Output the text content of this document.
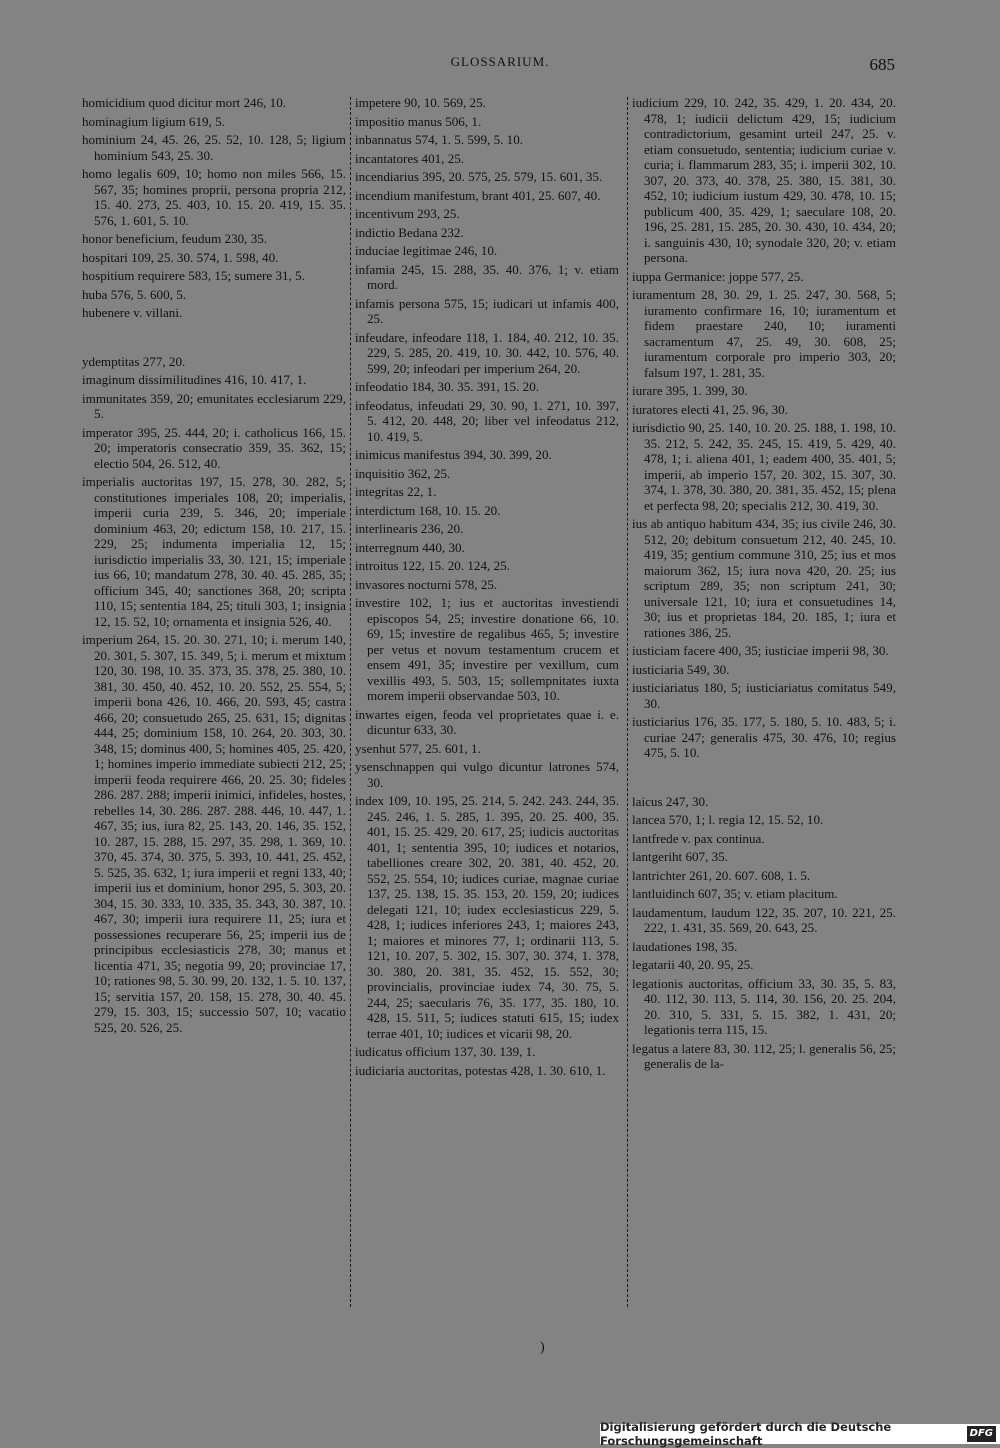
GLOSSARIUM.	685
homicidium quod dicitur mort 246, 10.
hominagium ligium 619, 5.
hominium 24, 45. 26, 25. 52, 10. 128, 5; ligium hominium 543, 25. 30.
homo legalis 609, 10; homo non miles 566, 15. 567, 35; homines proprii, persona propria 212, 15. 40. 273, 25. 403, 10. 15. 20. 419, 15. 35. 576, 1. 601, 5. 10.
honor beneficium, feudum 230, 35.
hospitari 109, 25. 30. 574, 1. 598, 40.
hospitium requirere 583, 15; sumere 31, 5.
huba 576, 5. 600, 5.
hubenere v. villani.
ydemptitas 277, 20.
imaginum dissimilitudines 416, 10. 417, 1.
immunitates 359, 20; emunitates ecclesiarum 229, 5.
imperator 395, 25. 444, 20; i. catholicus 166, 15. 20; imperatoris consecratio 359, 35. 362, 15; electio 504, 26. 512, 40.
imperialis auctoritas 197, 15. 278, 30. 282, 5; constitutiones imperiales 108, 20; imperialis, imperii curia 239, 5. 346, 20; imperiale dominium 463, 20; edictum 158, 10. 217, 15. 229, 25; indumenta imperialia 12, 15; iurisdictio imperialis 33, 30. 121, 15; imperiale ius 66, 10; mandatum 278, 30. 40. 45. 285, 35; officium 345, 40; sanctiones 368, 20; scripta 110, 15; sententia 184, 25; tituli 303, 1; insignia 12, 15. 52, 10; ornamenta et insignia 526, 40.
imperium 264, 15. 20. 30. 271, 10; i. merum 140, 20. 301, 5. 307, 15. 349, 5; i. merum et mixtum 120, 30. 198, 10. 35. 373, 35. 378, 25. 380, 10. 381, 30. 450, 40. 452, 10. 20. 552, 25. 554, 5; imperii bona 426, 10. 466, 20. 593, 45; castra 466, 20; consuetudo 265, 25. 631, 15; dignitas 444, 25; dominium 158, 10. 264, 20. 303, 30. 348, 15; dominus 400, 5; homines 405, 25. 420, 1; homines imperio immediate subiecti 212, 25; imperii feoda requirere 466, 20. 25. 30; fideles 286. 287. 288; imperii inimici, infideles, hostes, rebelles 14, 30. 286. 287. 288. 446, 10. 447, 1. 467, 35; ius, iura 82, 25. 143, 20. 146, 35. 152, 10. 287, 15. 288, 15. 297, 35. 298, 1. 369, 10. 370, 45. 374, 30. 375, 5. 393, 10. 441, 25. 452, 5. 525, 35. 632, 1; iura imperii et regni 133, 40; imperii ius et dominium, honor 295, 5. 303, 20. 304, 15. 30. 333, 10. 335, 35. 343, 30. 387, 10. 467, 30; imperii iura requirere 11, 25; iura et possessiones recuperare 56, 25; imperii ius de principibus ecclesiasticis 278, 30; manus et licentia 471, 35; negotia 99, 20; provinciae 17, 10; rationes 98, 5. 30. 99, 20. 132, 1. 5. 10. 137, 15; servitia 157, 20. 158, 15. 278, 30. 40. 45. 279, 15. 303, 15; successio 507, 10; vacatio 525, 20. 526, 25.
impetere 90, 10. 569, 25.
impositio manus 506, 1.
inbannatus 574, 1. 5. 599, 5. 10.
incantatores 401, 25.
incendiarius 395, 20. 575, 25. 579, 15. 601, 35.
incendium manifestum, brant 401, 25. 607, 40.
incentivum 293, 25.
indictio Bedana 232.
induciae legitimae 246, 10.
infamia 245, 15. 288, 35. 40. 376, 1; v. etiam mord.
infamis persona 575, 15; iudicari ut infamis 400, 25.
infeudare, infeodare 118, 1. 184, 40. 212, 10. 35. 229, 5. 285, 20. 419, 10. 30. 442, 10. 576, 40. 599, 20; infeodari per imperium 264, 20.
infeodatio 184, 30. 35. 391, 15. 20.
infeodatus, infeudati 29, 30. 90, 1. 271, 10. 397, 5. 412, 20. 448, 20; liber vel infeodatus 212, 10. 419, 5.
inimicus manifestus 394, 30. 399, 20.
inquisitio 362, 25.
integritas 22, 1.
interdictum 168, 10. 15. 20.
interlinearis 236, 20.
interregnum 440, 30.
introitus 122, 15. 20. 124, 25.
invasores nocturni 578, 25.
investire 102, 1; ius et auctoritas investiendi episcopos 54, 25; investire donatione 66, 10. 69, 15; investire de regalibus 465, 5; investire per vetus et novum testamentum crucem et ensem 491, 35; investire per vexillum, cum vexillis 493, 5. 503, 15; sollempnitates iuxta morem imperii observandae 503, 10.
inwartes eigen, feoda vel proprietates quae i. e. dicuntur 633, 30.
ysenhut 577, 25. 601, 1.
ysenschnappen qui vulgo dicuntur latrones 574, 30.
index 109, 10. 195, 25. 214, 5. 242. 243. 244, 35. 245. 246, 1. 5. 285, 1. 395, 20. 25. 400, 35. 401, 15. 25. 429, 20. 617, 25; iudicis auctoritas 401, 1; sententia 395, 10; iudices et notarios, tabelliones creare 302, 20. 381, 40. 452, 20. 552, 25. 554, 10; iudices curiae, magnae curiae 137, 25. 138, 15. 35. 153, 20. 159, 20; iudices delegati 121, 10; iudex ecclesiasticus 229, 5. 428, 1; iudices inferiores 243, 1; maiores 243, 1; maiores et minores 77, 1; ordinarii 113, 5. 121, 10. 207, 5. 302, 15. 307, 30. 374, 1. 378, 30. 380, 20. 381, 35. 452, 15. 552, 30; provincialis, provinciae iudex 74, 30. 75, 5. 244, 25; saecularis 76, 35. 177, 35. 180, 10. 428, 15. 511, 5; iudices statuti 615, 15; iudex terrae 401, 10; iudices et vicarii 98, 20.
iudicatus officium 137, 30. 139, 1.
iudiciaria auctoritas, potestas 428, 1. 30. 610, 1.
iudicium 229, 10. 242, 35. 429, 1. 20. 434, 20. 478, 1; iudicii delictum 429, 15; iudicium contradictorium, gesamint urteil 247, 25. v. etiam consuetudo, sententia; iudicium curiae v. curia; i. flammarum 283, 35; i. imperii 302, 10. 307, 20. 373, 40. 378, 25. 380, 15. 381, 30. 452, 10; iudicium iustum 429, 30. 478, 10. 15; publicum 400, 35. 429, 1; saeculare 108, 20. 196, 25. 281, 15. 285, 20. 30. 430, 10. 434, 20; i. sanguinis 430, 10; synodale 320, 20; v. etiam persona.
iuppa Germanice: joppe 577, 25.
iuramentum 28, 30. 29, 1. 25. 247, 30. 568, 5; iuramento confirmare 16, 10; iuramentum et fidem praestare 240, 10; iuramenti sacramentum 47, 25. 49, 30. 608, 25; iuramentum corporale pro imperio 303, 20; falsum 197, 1. 281, 35.
iurare 395, 1. 399, 30.
iuratores electi 41, 25. 96, 30.
iurisdictio 90, 25. 140, 10. 20. 25. 188, 1. 198, 10. 35. 212, 5. 242, 35. 245, 15. 419, 5. 429, 40. 478, 1; i. aliena 401, 1; eadem 400, 35. 401, 5; imperii, ab imperio 157, 20. 302, 15. 307, 30. 374, 1. 378, 30. 380, 20. 381, 35. 452, 15; plena et perfecta 98, 20; specialis 212, 30. 419, 30.
ius ab antiquo habitum 434, 35; ius civile 246, 30. 512, 20; debitum consuetum 212, 40. 245, 10. 419, 35; gentium commune 310, 25; ius et mos maiorum 362, 15; iura nova 420, 20. 25; ius scriptum 289, 35; non scriptum 241, 30; universale 121, 10; iura et consuetudines 14, 30; ius et proprietas 184, 20. 185, 1; iura et rationes 386, 25.
iusticiam facere 400, 35; iusticiae imperii 98, 30.
iusticiaria 549, 30.
iusticiariatus 180, 5; iusticiariatus comitatus 549, 30.
iusticiarius 176, 35. 177, 5. 180, 5. 10. 483, 5; i. curiae 247; generalis 475, 30. 476, 10; regius 475, 5. 10.
laicus 247, 30.
lancea 570, 1; l. regia 12, 15. 52, 10.
lantfrede v. pax continua.
lantgeriht 607, 35.
lantrichter 261, 20. 607. 608, 1. 5.
lantluidinch 607, 35; v. etiam placitum.
laudamentum, laudum 122, 35. 207, 10. 221, 25. 222, 1. 431, 35. 569, 20. 643, 25.
laudationes 198, 35.
legatarii 40, 20. 95, 25.
legationis auctoritas, officium 33, 30. 35, 5. 83, 40. 112, 30. 113, 5. 114, 30. 156, 20. 25. 204, 20. 310, 5. 331, 5. 15. 382, 1. 431, 20; legationis terra 115, 15.
legatus a latere 83, 30. 112, 25; l. generalis 56, 25; generalis de la-
)
Digitalisierung gefördert durch die Deutsche Forschungsgemeinschaft
DFG
